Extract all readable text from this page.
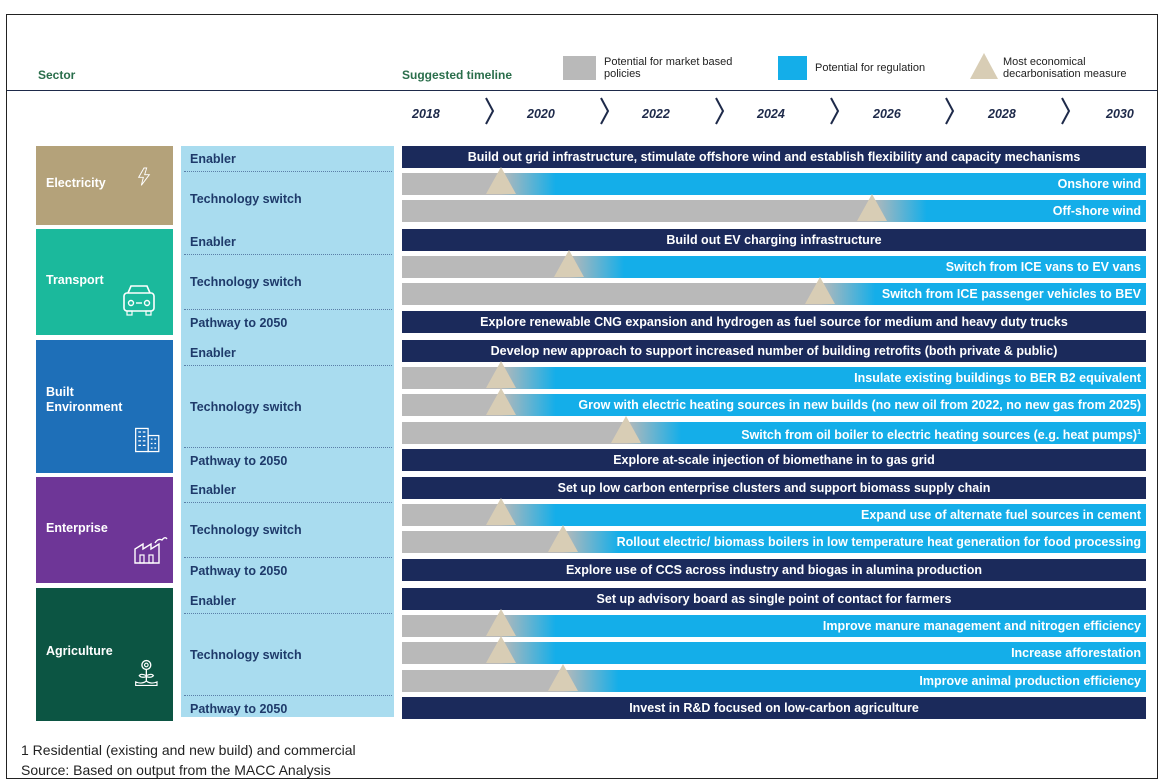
Sector	Suggested timeline
Potential for market based policies	Potential for regulation	Most economical decarbonisation measure
2018	2020	2022	2024	2026	2028	2030
Electricity
Enabler	Build out grid infrastructure, stimulate offshore wind and establish flexibility and capacity mechanisms
Technology switch
Onshore wind
Off-shore wind
Transport
Enabler	Build out EV charging infrastructure
Technology switch
Switch from ICE vans to EV vans
Switch from ICE passenger vehicles to BEV
Pathway to 2050	Explore renewable CNG expansion and hydrogen as fuel source for medium and heavy duty trucks
Built Environment
Enabler	Develop new approach to support increased number of building retrofits (both private & public)
Technology switch
Insulate existing buildings to BER B2 equivalent
Grow with electric heating sources in new builds (no new oil from 2022, no new gas from 2025)
Switch from oil boiler to electric heating sources (e.g. heat pumps)$^1$
Pathway to 2050	Explore at-scale injection of biomethane in to gas grid
Enterprise
Enabler	Set up low carbon enterprise clusters and support biomass supply chain
Technology switch
Expand use of alternate fuel sources in cement
Rollout electric/ biomass boilers in low temperature heat generation for food processing
Pathway to 2050	Explore use of CCS across industry and biogas in alumina production
Agriculture
Enabler	Set up advisory board as single point of contact for farmers
Technology switch
Improve manure management and nitrogen efficiency
Increase afforestation
Improve animal production efficiency
Pathway to 2050	Invest in R&D focused on low-carbon agriculture
1 Residential (existing and new build) and commercial
Source: Based on output from the MACC Analysis
